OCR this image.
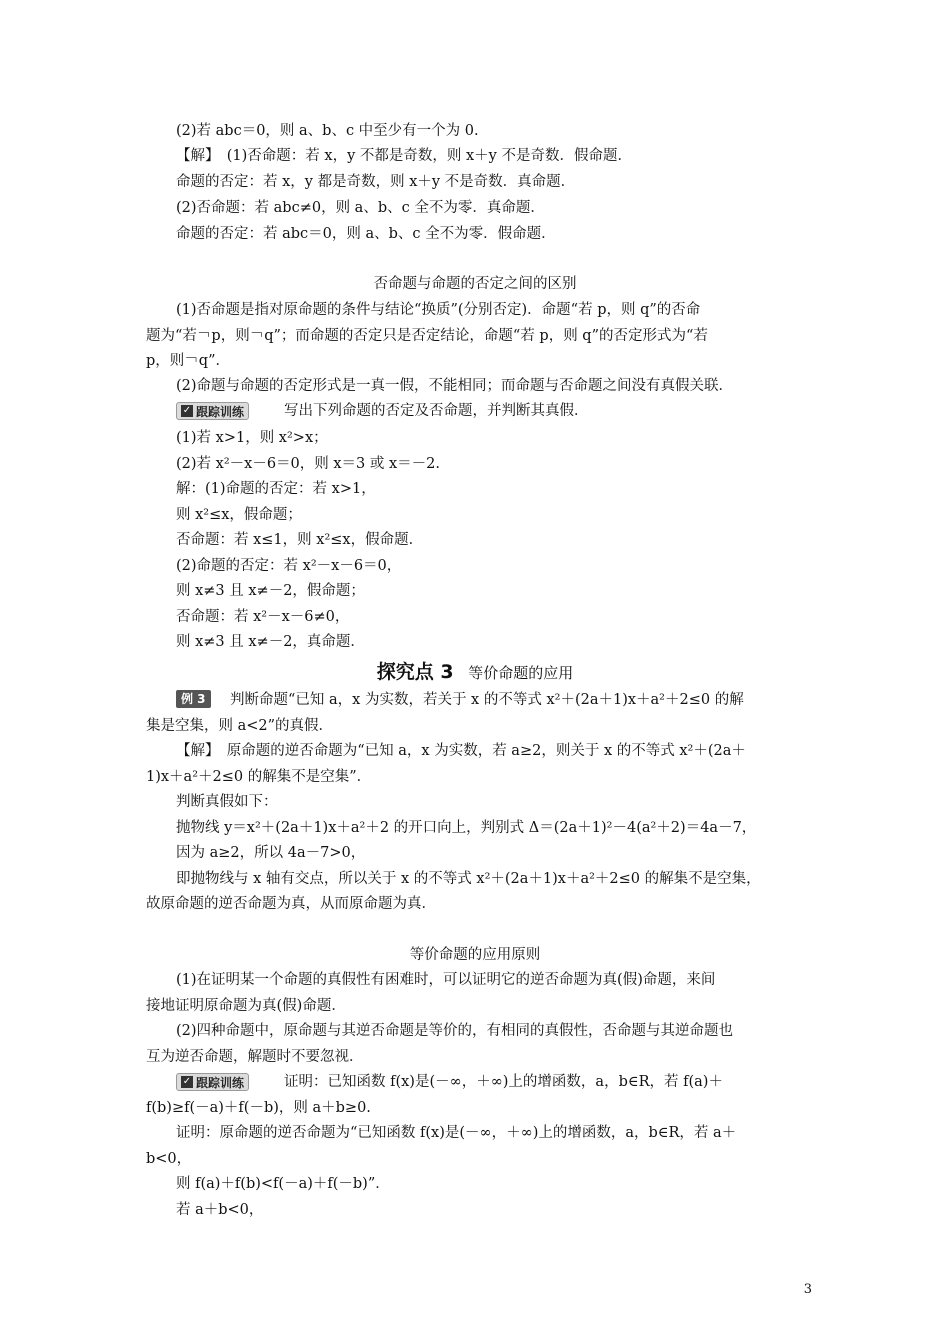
(2)若 abc＝0，则 a、b、c 中至少有一个为 0.
【解】　(1)否命题：若 x，y 不都是奇数，则 x＋y 不是奇数．假命题．
命题的否定：若 x，y 都是奇数，则 x＋y 不是奇数．真命题．
(2)否命题：若 abc≠0，则 a、b、c 全不为零．真命题．
命题的否定：若 abc＝0，则 a、b、c 全不为零．假命题．
否命题与命题的否定之间的区别
(1)否命题是指对原命题的条件与结论“换质”(分别否定)．命题“若 p，则 q”的否命
题为“若￢p，则￢q”；而命题的否定只是否定结论，命题“若 p，则 q”的否定形式为“若
p，则￢q”．
(2)命题与命题的否定形式是一真一假，不能相同；而命题与否命题之间没有真假关联．
✓ 跟踪训练	写出下列命题的否定及否命题，并判断其真假．
(1)若 x>1，则 x²>x；
(2)若 x²－x－6＝0，则 x＝3 或 x＝－2.
解：(1)命题的否定：若 x>1，
则 x²≤x，假命题；
否命题：若 x≤1，则 x²≤x，假命题．
(2)命题的否定：若 x²－x－6＝0，
则 x≠3 且 x≠－2，假命题；
否命题：若 x²－x－6≠0，
则 x≠3 且 x≠－2，真命题．
探究点 3 等价命题的应用
例 3	判断命题“已知 a，x 为实数，若关于 x 的不等式 x²＋(2a＋1)x＋a²＋2≤0 的解
集是空集，则 a<2”的真假．
【解】　原命题的逆否命题为“已知 a，x 为实数，若 a≥2，则关于 x 的不等式 x²＋(2a＋
1)x＋a²＋2≤0 的解集不是空集”．
判断真假如下：
抛物线 y＝x²＋(2a＋1)x＋a²＋2 的开口向上，判别式 Δ＝(2a＋1)²－4(a²＋2)＝4a－7，
因为 a≥2，所以 4a－7>0，
即抛物线与 x 轴有交点，所以关于 x 的不等式 x²＋(2a＋1)x＋a²＋2≤0 的解集不是空集，
故原命题的逆否命题为真，从而原命题为真．
等价命题的应用原则
(1)在证明某一个命题的真假性有困难时，可以证明它的逆否命题为真(假)命题，来间
接地证明原命题为真(假)命题．
(2)四种命题中，原命题与其逆否命题是等价的，有相同的真假性，否命题与其逆命题也
互为逆否命题，解题时不要忽视．
✓ 跟踪训练	证明：已知函数 f(x)是(－∞，＋∞)上的增函数，a，b∈R，若 f(a)＋
f(b)≥f(－a)＋f(－b)，则 a＋b≥0.
证明：原命题的逆否命题为“已知函数 f(x)是(－∞，＋∞)上的增函数，a，b∈R，若 a＋
b<0，
则 f(a)＋f(b)<f(－a)＋f(－b)”．
若 a＋b<0，
3
